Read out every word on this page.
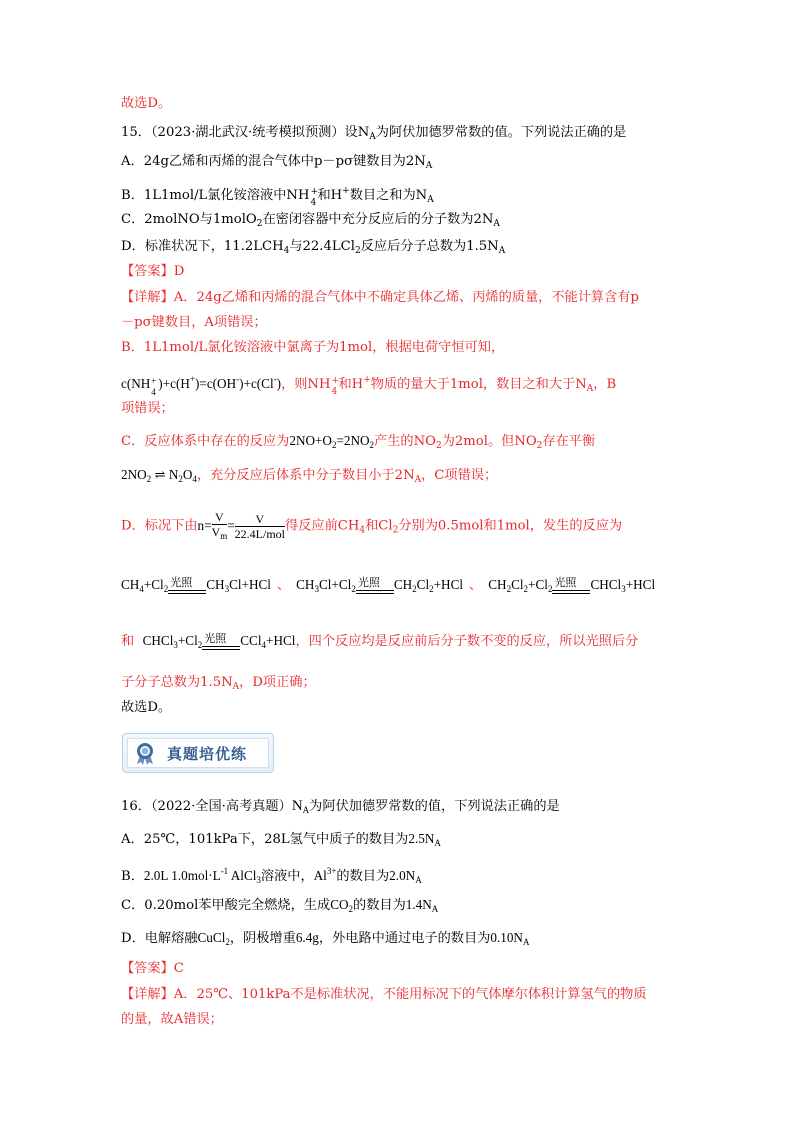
故选D。
15．（2023·湖北武汉·统考模拟预测）设$N_A$为阿伏加德罗常数的值。下列说法正确的是
A．24g乙烯和丙烯的混合气体中p－pσ键数目为$2N_A$
B．1L1mol/L氯化铵溶液中NH +
4 和H+数目之和为$N_A$
C．2molNO与1molO$_2$在密闭容器中充分反应后的分子数为$2N_A$
D．标准状况下，$11.2LCH_4$与22.4LCl$_2$反应后分子总数为$1.5N_A$
【答案】D
【详解】A．24g乙烯和丙烯的混合气体中不确定具体乙烯、丙烯的质量，不能计算含有p
－pσ键数目，A项错误；
B．1L1mol/L氯化铵溶液中氯离子为1mol，根据电荷守恒可知，
c(NH +
4
)+c(H+)=c(OH-)+c(Cl-)，则NH +
4 和H+物质的量大于1mol，数目之和大于$N_A$，B
项错误；
C．反应体系中存在的反应为$2NO+O_2=2NO_2$产生的$NO_2$为2mol。但$NO_2$存在平衡
$2NO_2$ ⇌ $N_2O_4$，充分反应后体系中分子数目小于$2N_A$，C项错误；
D．标况下由$n= \frac{V}{V_m} = \frac{V}{\text{22.4L/mol}}$ 得反应前$CH_4$和$Cl_2$分别为0.5mol和1mol，发生的反应为
$CH_4+Cl_2$ 光照 $CH_3Cl+HCl$ 、 $CH_3Cl+Cl_2$ 光照 $CH_2Cl_2+HCl$ 、 $CH_2Cl_2+Cl_2$ 光照 CHCl$_3$+HCl
和 $CHCl_3+Cl_2$ 光照 CCl$_4$+HCl，四个反应均是反应前后分子数不变的反应，所以光照后分
子分子总数为$1.5N_A$，D项正确；
故选D。
真题培优练
16．（2022·全国·高考真题）$N_A$为阿伏加德罗常数的值，下列说法正确的是
A．25℃，101kPa下，28L氢气中质子的数目为$2.5N_A$
B．2.0L $1.0mol\cdot L^{-1}$ AlCl$_3$溶液中，$Al^{3+}$的数目为$2.0N_A$
C．0.20mol苯甲酸完全燃烧，生成$CO_2$的数目为$1.4N_A$
D．电解熔融CuCl$_2$，阴极增重6.4g，外电路中通过电子的数目为$0.10N_A$
【答案】C
【详解】A．25℃、101kPa不是标准状况，不能用标况下的气体摩尔体积计算氢气的物质
的量，故A错误；
